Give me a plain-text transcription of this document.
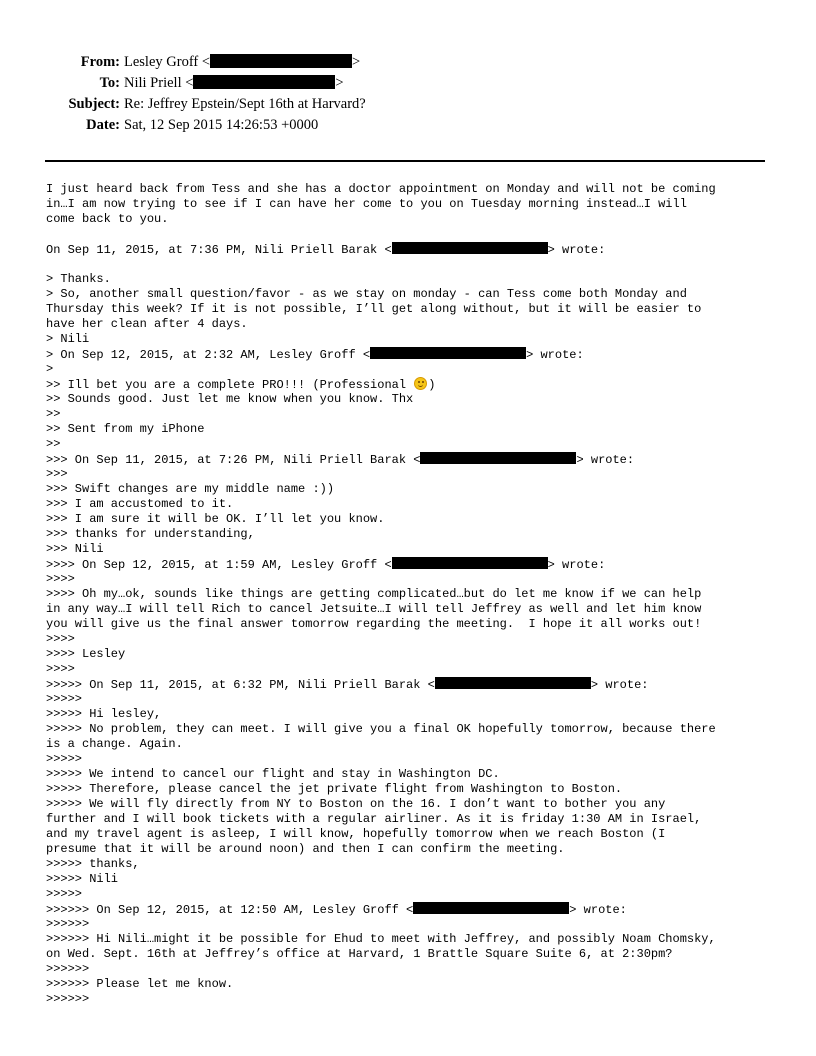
From: Lesley Groff <	>
To: Nili Priell <	>
Subject: Re: Jeffrey Epstein/Sept 16th at Harvard?
Date: Sat, 12 Sep 2015 14:26:53 +0000
I just heard back from Tess and she has a doctor appointment on Monday and will not be coming
in…I am now trying to see if I can have her come to you on Tuesday morning instead…I will
come back to you.
On Sep 11, 2015, at 7:36 PM, Nili Priell Barak <	> wrote:
> Thanks.
> So, another small question/favor - as we stay on monday - can Tess come both Monday and
Thursday this week? If it is not possible, I’ll get along without, but it will be easier to
have her clean after 4 days.
> Nili
> On Sep 12, 2015, at 2:32 AM, Lesley Groff <	> wrote:
>
>> Ill bet you are a complete PRO!!! (Professional )
>> Sounds good. Just let me know when you know. Thx
>>
>> Sent from my iPhone
>>
>>> On Sep 11, 2015, at 7:26 PM, Nili Priell Barak <	> wrote:
>>>
>>> Swift changes are my middle name :))
>>> I am accustomed to it.
>>> I am sure it will be OK. I’ll let you know.
>>> thanks for understanding,
>>> Nili
>>>> On Sep 12, 2015, at 1:59 AM, Lesley Groff <	> wrote:
>>>>
>>>> Oh my…ok, sounds like things are getting complicated…but do let me know if we can help
in any way…I will tell Rich to cancel Jetsuite…I will tell Jeffrey as well and let him know
you will give us the final answer tomorrow regarding the meeting.  I hope it all works out!
>>>>
>>>> Lesley
>>>>
>>>>> On Sep 11, 2015, at 6:32 PM, Nili Priell Barak <	> wrote:
>>>>>
>>>>> Hi lesley,
>>>>> No problem, they can meet. I will give you a final OK hopefully tomorrow, because there
is a change. Again.
>>>>>
>>>>> We intend to cancel our flight and stay in Washington DC.
>>>>> Therefore, please cancel the jet private flight from Washington to Boston.
>>>>> We will fly directly from NY to Boston on the 16. I don’t want to bother you any
further and I will book tickets with a regular airliner. As it is friday 1:30 AM in Israel,
and my travel agent is asleep, I will know, hopefully tomorrow when we reach Boston (I
presume that it will be around noon) and then I can confirm the meeting.
>>>>> thanks,
>>>>> Nili
>>>>>
>>>>>> On Sep 12, 2015, at 12:50 AM, Lesley Groff <	> wrote:
>>>>>>
>>>>>> Hi Nili…might it be possible for Ehud to meet with Jeffrey, and possibly Noam Chomsky,
on Wed. Sept. 16th at Jeffrey’s office at Harvard, 1 Brattle Square Suite 6, at 2:30pm?
>>>>>>
>>>>>> Please let me know.
>>>>>>
